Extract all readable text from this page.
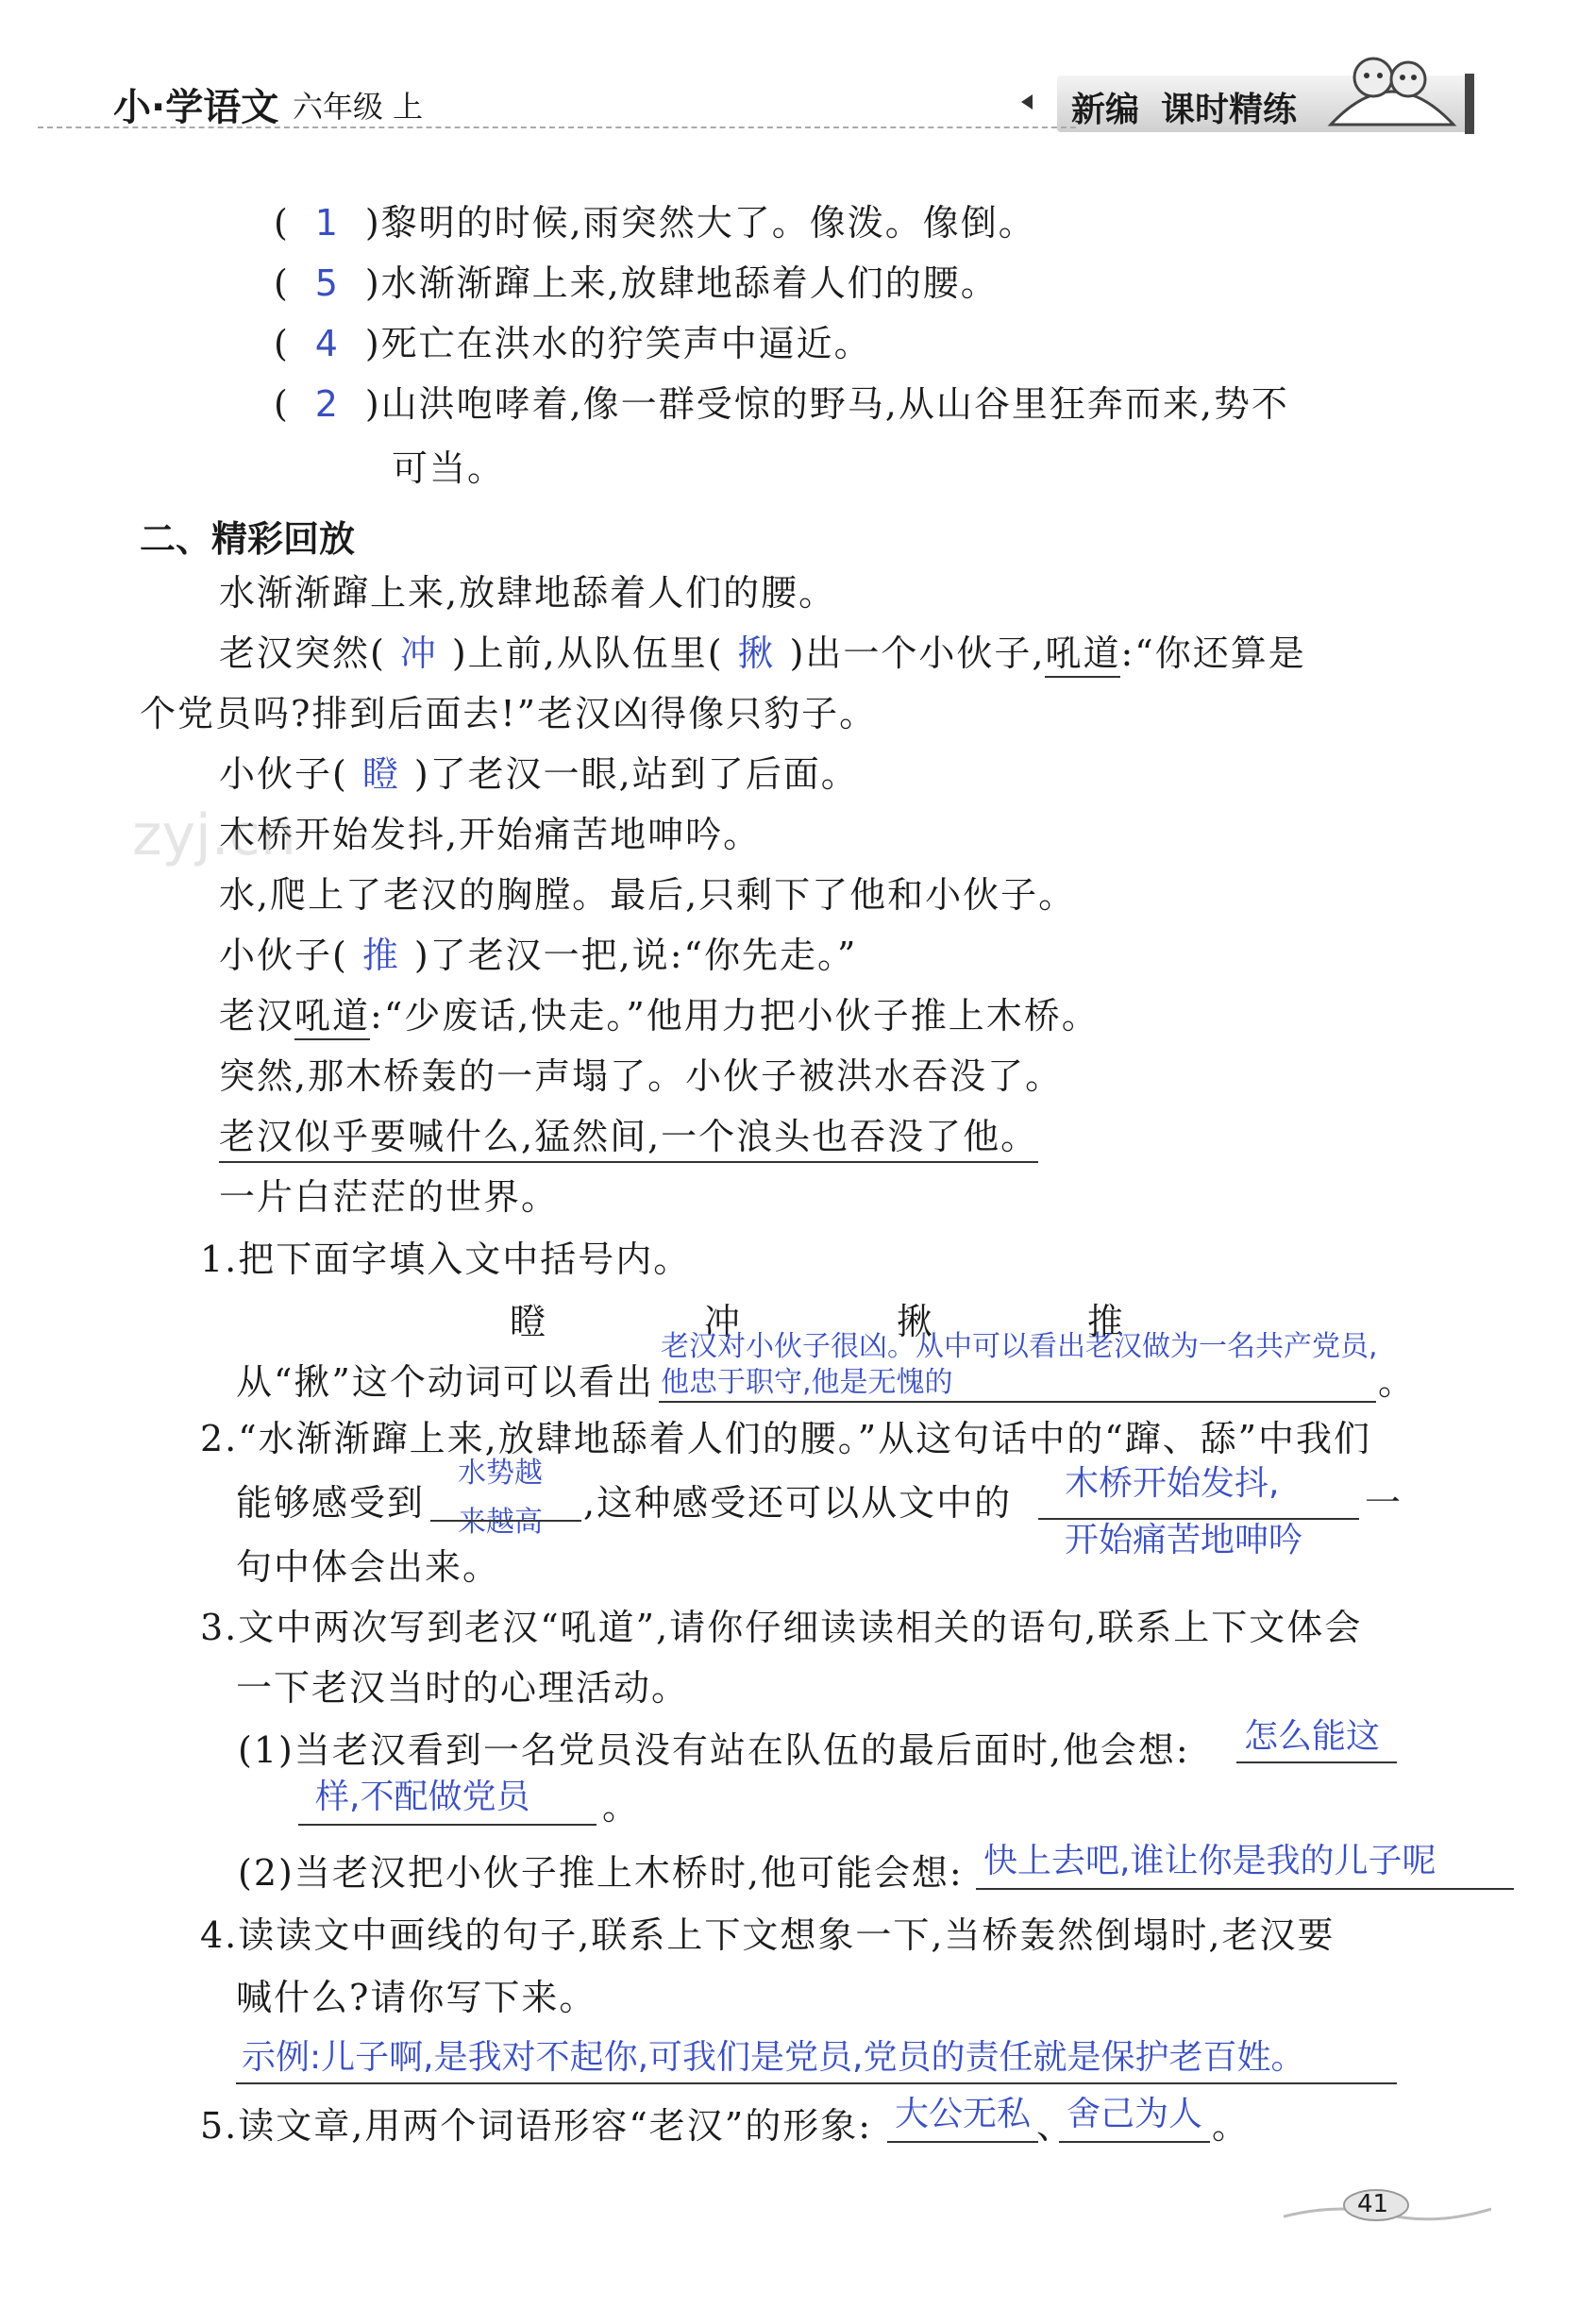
小·学语文 六年级 上	新编 课时精练
( 1 )黎明的时候,雨突然大了。像泼。像倒。
( 5 )水渐渐蹿上来,放肆地舔着人们的腰。
( 4 )死亡在洪水的狞笑声中逼近。
( 2 )山洪咆哮着,像一群受惊的野马,从山谷里狂奔而来,势不
可当。
二、精彩回放
水渐渐蹿上来,放肆地舔着人们的腰。
老汉突然( 冲 )上前,从队伍里( 揪 )出一个小伙子,吼道:“你还算是
个党员吗?排到后面去!”老汉凶得像只豹子。
小伙子( 瞪 )了老汉一眼,站到了后面。
木桥开始发抖,开始痛苦地呻吟。
水,爬上了老汉的胸膛。最后,只剩下了他和小伙子。
小伙子( 推 )了老汉一把,说:“你先走。”
老汉吼道:“少废话,快走。”他用力把小伙子推上木桥。
突然,那木桥轰的一声塌了。小伙子被洪水吞没了。
老汉似乎要喊什么,猛然间,一个浪头也吞没了他。
一片白茫茫的世界。
1.把下面字填入文中括号内。
瞪	冲	揪	推
从“揪”这个动词可以看出
老汉对小伙子很凶。从中可以看出老汉做为一名共产党员,
他忠于职守,他是无愧的	。
2.“水渐渐蹿上来,放肆地舔着人们的腰。”从这句话中的“蹿、舔”中我们
能够感受到
水势越
来越高 ,这种感受还可以从文中的 木桥开始发抖,
开始痛苦地呻吟
一
句中体会出来。
3.文中两次写到老汉“吼道”,请你仔细读读相关的语句,联系上下文体会
一下老汉当时的心理活动。
(1)当老汉看到一名党员没有站在队伍的最后面时,他会想: 怎么能这
样,不配做党员 。
(2)当老汉把小伙子推上木桥时,他可能会想: 快上去吧,谁让你是我的儿子呢
4.读读文中画线的句子,联系上下文想象一下,当桥轰然倒塌时,老汉要
喊什么?请你写下来。
示例:儿子啊,是我对不起你,可我们是党员,党员的责任就是保护老百姓。
5.读文章,用两个词语形容“老汉”的形象: 大公无私 、
舍己为人 。
zyj.cn
41
